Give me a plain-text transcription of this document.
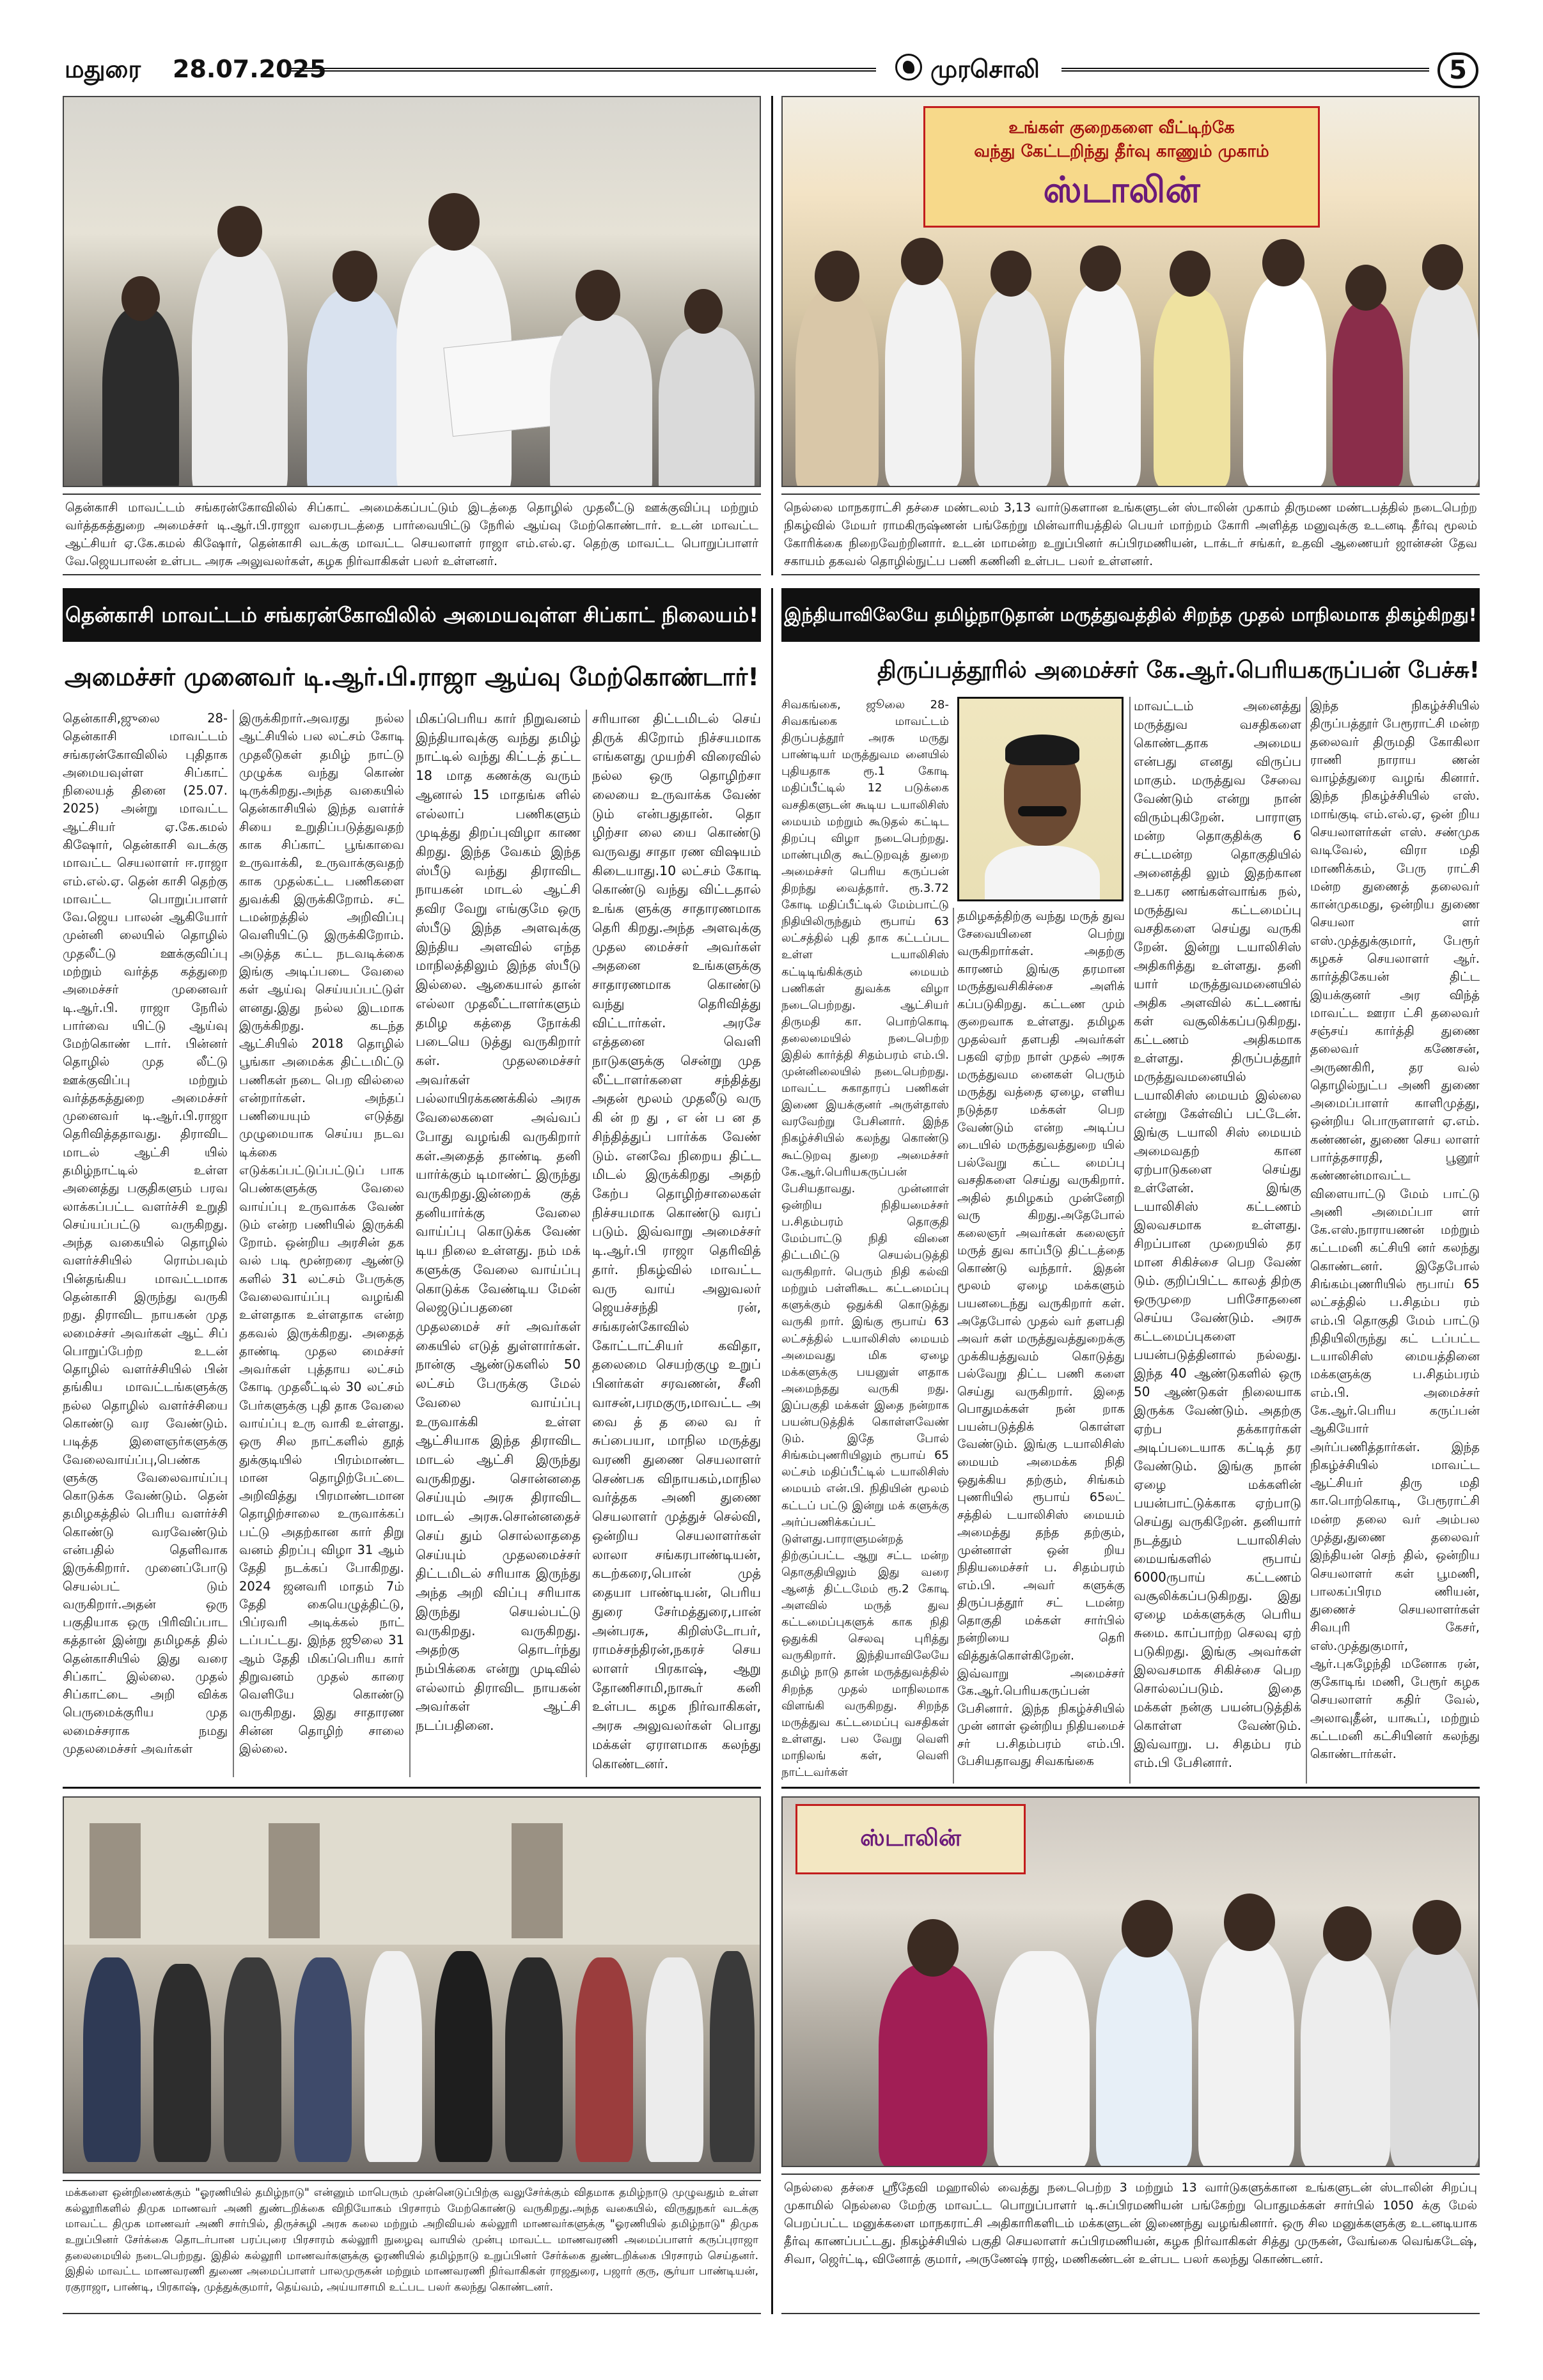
மதுரை 28.07.2025	முரசொலி	5
தென்காசி மாவட்டம் சங்கரன்கோவிலில் சிப்காட் அமைக்கப்பட்டும் இடத்தை தொழில் முதலீட்டு ஊக்குவிப்பு மற்றும் வர்த்தகத்துறை அமைச்சர் டி.ஆர்.பி.ராஜா வரைபடத்தை பார்வையிட்டு நேரில் ஆய்வு மேற்கொண்டார். உடன் மாவட்ட ஆட்சியர் ஏ.கே.கமல் கிஷோர், தென்காசி வடக்கு மாவட்ட செயலாளர் ராஜா எம்.எல்.ஏ. தெற்கு மாவட்ட பொறுப்பாளர் வே.ஜெயபாலன் உள்பட அரசு அலுவலர்கள், கழக நிர்வாகிகள் பலர் உள்ளனர்.
உங்கள் குறைகளை வீட்டிற்கே
வந்து கேட்டறிந்து தீர்வு காணும் முகாம்
ஸ்டாலின்
நெல்லை மாநகராட்சி தச்சை மண்டலம் 3,13 வார்டுகளான உங்களுடன் ஸ்டாலின் முகாம் திருமண மண்டபத்தில் நடைபெற்ற நிகழ்வில் மேயர் ராமகிருஷ்ணன் பங்கேற்று மின்வாரியத்தில் பெயர் மாற்றம் கோரி அளித்த மனுவுக்கு உடனடி தீர்வு மூலம் கோரிக்கை நிறைவேற்றினார். உடன் மாமன்ற உறுப்பினர் சுப்பிரமணியன், டாக்டர் சங்கர், உதவி ஆணையர் ஜான்சன் தேவ சகாயம் தகவல் தொழில்நுட்ப பணி கணினி உள்பட பலர் உள்ளனர்.
தென்காசி மாவட்டம் சங்கரன்கோவிலில் அமையவுள்ள சிப்காட் நிலையம்!
அமைச்சர் முனைவர் டி.ஆர்.பி.ராஜா ஆய்வு மேற்கொண்டார்!
தென்காசி,ஜுலை 28- தென்காசி மாவட்டம் சங்கரன்கோவிலில் புதிதாக அமையவுள்ள சிப்காட் நிலையத் தினை (25.07. 2025) அன்று மாவட்ட ஆட்சியர் ஏ.கே.கமல் கிஷோர், தென்காசி வடக்கு மாவட்ட செயலாளர் ஈ.ராஜா எம்.எல்.ஏ. தென் காசி தெற்கு மாவட்ட பொறுப்பாளர் வே.ஜெய பாலன் ஆகியோர் முன்னி லையில் தொழில் முதலீட்டு ஊக்குவிப்பு மற்றும் வர்த்த கத்துறை அமைச்சர் முனைவர் டி.ஆர்.பி. ராஜா நேரில் பார்வை யிட்டு ஆய்வு மேற்கொண் டார். பின்னர் தொழில் முத லீட்டு ஊக்குவிப்பு மற்றும் வர்த்தகத்துறை அமைச்சர் முனைவர் டி.ஆர்.பி.ராஜா தெரிவித்ததாவது. திராவிட மாடல் ஆட்சி யில் தமிழ்நாட்டில் உள்ள அனைத்து பகுதிகளும் பரவ லாக்கப்பட்ட வளர்ச்சி உறுதி செய்யப்பட்டு வருகிறது. அந்த வகையில் தொழில் வளர்ச்சியில் ரொம்பவும் பின்தங்கிய மாவட்டமாக தென்காசி இருந்து வருகி றது. திராவிட நாயகன் முத லமைச்சர் அவர்கள் ஆட் சிப் பொறுப்பேற்ற உடன் தொழில் வளர்ச்சியில் பின் தங்கிய மாவட்டங்களுக்கு நல்ல தொழில் வளர்ச்சியை கொண்டு வர வேண்டும். படித்த இளைஞர்களுக்கு வேலைவாய்ப்பு,பெண்க ளுக்கு வேலைவாய்ப்பு கொடுக்க வேண்டும். தென் தமிழகத்தில் பெரிய வளர்ச்சி கொண்டு வரவேண்டும் என்பதில் தெளிவாக இருக்கிறார். முனைப்போடு செயல்பட் டும் வருகிறார்.அதன் ஒரு பகுதியாக ஒரு பிரிவிப்பாட கத்தான் இன்று தமிழகத் தில் தென்காசியில் இது வரை சிப்காட் இல்லை. முதல் சிப்காட்டை அறி விக்க பெருமைக்குரிய முத லமைச்சராக நமது முதலமைச்சர் அவர்கள்
இருக்கிறார்.அவரது நல்ல ஆட்சியில் பல லட்சம் கோடி முதலீடுகள் தமிழ் நாட்டு முழுக்க வந்து கொண் டிருக்கிறது.அந்த வகையில் தென்காசியில் இந்த வளர்ச் சியை உறுதிப்படுத்துவதற் காக சிப்காட் பூங்காவை உருவாக்கி, உருவாக்குவதற் காக முதல்கட்ட பணிகளை துவக்கி இருக்கிறோம். சட் டமன்றத்தில் அறிவிப்பு வெளியிட்டு இருக்கிறோம். அடுத்த கட்ட நடவடிக்கை இங்கு அடிப்படை வேலை கள் ஆய்வு செய்யப்பட்டுள் ளனது.இது நல்ல இடமாக இருக்கிறது. கடந்த ஆட்சியில் 2018 தொழில் பூங்கா அமைக்க திட்டமிட்டு பணிகள் நடை பெற வில்லை என்றார்கள். அந்தப் பணியையும் எடுத்து முழுமையாக செய்ய நடவ டிக்கை எடுக்கப்பட்டுப்பட்டுப் பாக பெண்களுக்கு வேலை வாய்ப்பு உருவாக்க வேண் டும் என்ற பணியில் இருக்கி றோம். ஒன்றிய அரசின் தக வல் படி மூன்றரை ஆண்டு களில் 31 லட்சம் பேருக்கு வேலைவாய்ப்பு வழங்கி உள்ளதாக உள்ளதாக என்ற தகவல் இருக்கிறது. அதைத் தாண்டி முதல மைச்சர் அவர்கள் புத்தாய லட்சம் கோடி முதலீட்டில் 30 லட்சம் பேர்களுக்கு புதி தாக வேலை வாய்ப்பு உரு வாகி உள்ளது. ஒரு சில நாட்களில் தூத் துக்குடியில் பிரம்மாண்ட மான தொழிற்பேட்டை அறிவித்து பிரமாண்டமான தொழிற்சாலை உருவாக்கப் பட்டு அதற்கான கார் திறு வனம் திறப்பு விழா 31 ஆம் தேதி நடக்கப் போகிறது. 2024 ஜனவரி மாதம் 7ம் தேதி கையெழுத்திட்டு, பிப்ரவரி அடிக்கல் நாட் டப்பட்டது. இந்த ஜூலை 31 ஆம் தேதி மிகப்பெரிய கார் திறுவனம் முதல் காரை வெளியே கொண்டு வருகிறது. இது சாதாரண சின்ன தொழிற் சாலை இல்லை.
மிகப்பெரிய கார் நிறுவனம் இந்தியாவுக்கு வந்து தமிழ் நாட்டில் வந்து கிட்டத் தட்ட 18 மாத கணக்கு வரும் ஆனால் 15 மாதங்க ளில் எல்லாப் பணிகளும் முடித்து திறப்புவிழா காண கிறது. இந்த வேகம் இந்த ஸ்பீடு வந்து திராவிட நாயகன் மாடல் ஆட்சி தவிர வேறு எங்குமே ஒரு ஸ்பீடு இந்த அளவுக்கு இந்திய அளவில் எந்த மாநிலத்திலும் இந்த ஸ்பீடு இல்லை. ஆகையால் தான் எல்லா முதலீட்டாளர்களும் தமிழ கத்தை நோக்கி படையெ டுத்து வருகிறார் கள். முதலமைச்சர் அவர்கள் பல்லாயிரக்கணக்கில் அரசு வேலைகளை அவ்வப் போது வழங்கி வருகிறார் கள்.அதைத் தாண்டி தனி யார்க்கும் டிமாண்ட் இருந்து வருகிறது.இன்றைக் குத் தனியார்க்கு வேலை வாய்ப்பு கொடுக்க வேண் டிய நிலை உள்ளது. நம் மக் களுக்கு வேலை வாய்ப்பு கொடுக்க வேண்டிய மேன் லெஜடுப்பதனை முதலமைச் சர் அவர்கள் கையில் எடுத் துள்ளார்கள். நான்கு ஆண்டுகளில் 50 லட்சம் பேருக்கு மேல் வேலை வாய்ப்பு உருவாக்கி உள்ள ஆட்சியாக இந்த திராவிட மாடல் ஆட்சி இருந்து வருகிறது. சொன்னதை செய்யும் அரசு திராவிட மாடல் அரசு.சொன்னதைச் செய் தும் சொல்லாததை செய்யும் முதலமைச்சர் திட்டமிடல் சரியாக இருந்து அந்த அறி விப்பு சரியாக இருந்து செயல்பட்டு வருகிறது. வருகிறது. அதற்கு தொடர்ந்து நம்பிக்கை என்று முடிவில் எல்லாம் திராவிட நாயகன் அவர்கள் ஆட்சி நடப்பதினை.
சரியான திட்டமிடல் செய் திருக் கிறோம் நிச்சயமாக எங்களது முயற்சி விரைவில் நல்ல ஒரு தொழிற்சா லையை உருவாக்க வேண் டும் என்பதுதான். தொ ழிற்சா லை யை கொண்டு வருவது சாதா ரண விஷயம் கிடையாது.10 லட்சம் கோடி கொண்டு வந்து விட்டதால் உங்க ளுக்கு சாதாரணமாக தெரி கிறது.அந்த அளவுக்கு முதல மைச்சர் அவர்கள் அதனை உங்களுக்கு சாதாரணமாக கொண்டு வந்து தெரிவித்து விட்டார்கள். அரசே எத்தனை வெளி நாடுகளுக்கு சென்று முத லீட்டாளர்களை சந்தித்து அதன் மூலம் முதலீடு வரு கி ன் ற து , எ ன் ப ன த சிந்தித்துப் பார்க்க வேண் டும். எனவே நிறைய திட்ட மிடல் இருக்கிறது அதற் கேற்ப தொழிற்சாலைகள் நிச்சயமாக கொண்டு வரப் படும். இவ்வாறு அமைச்சர் டி.ஆர்.பி ராஜா தெரிவித் தார். நிகழ்வில் மாவட்ட வரு வாய் அலுவலர் ஜெயச்சந்தி ரன், சங்கரன்கோவில் கோட்டாட்சியர் கவிதா, தலைமை செயற்குழு உறுப் பினர்கள் சரவணன், சீனி வாசன்,பரமகுரு,மாவட்ட அ வை த் த லை வ ர் சுப்பையா, மாநில மருத்து வரணி துணை செயலாளர் செண்பக விநாயகம்,மாநில வர்த்தக அணி துணை செயலாளர் முத்துச் செல்வி, ஒன்றிய செயலாளர்கள் லாலா சங்கரபாண்டியன், கடற்கரை,பொன் முத் தையா பாண்டியன், பெரிய துரை சேர்மத்துரை,பான் அன்பரசு, கிறிஸ்டோபர், ராமச்சந்திரன்,நகரச் செய லாளர் பிரகாஷ், ஆறு தோணிசாமி,நாகூர் கனி உள்பட கழக நிர்வாகிகள், அரசு அலுவலர்கள் பொது மக்கள் ஏராளமாக கலந்து கொண்டனர்.
இந்தியாவிலேயே தமிழ்நாடுதான் மருத்துவத்தில் சிறந்த முதல் மாநிலமாக திகழ்கிறது!
திருப்பத்தூரில் அமைச்சர் கே.ஆர்.பெரியகருப்பன் பேச்சு!
சிவகங்கை, ஜூலை 28-சிவகங்கை மாவட்டம் திருப்பத்தூர் அரசு மருது பாண்டியர் மருத்துவம னையில் புதியதாக ரூ.1 கோடி மதிப்பீட்டில் 12 படுக்கை வசதிகளுடன் கூடிய டயாலிசிஸ் மையம் மற்றும் கூடுதல் கட்டிட திறப்பு விழா நடைபெற்றது. மாண்புமிகு கூட்டுறவுத் துறை அமைச்சர் பெரிய கருப்பன் திறந்து வைத்தார். ரூ.3.72 கோடி மதிப்பீட்டில் மேம்பாட்டு நிதியிலிருந்தும் ரூபாய் 63 லட்சத்தில் புதி தாக கட்டப்பட உள்ள டயாலிசிஸ் கட்டிடிங்கிக்கும் மையம் பணிகள் துவக்க விழா நடைபெற்றது. ஆட்சியர் திருமதி கா. பொற்கொடி தலைமையில் நடைபெற்ற இதில் கார்த்தி சிதம்பரம் எம்.பி. முன்னிலையில் நடைபெற்றது. மாவட்ட சுகாதாரப் பணிகள் இணை இயக்குனர் அருள்தாஸ் வரவேற்று பேசினார். இந்த நிகழ்ச்சியில் கலந்து கொண்டு கூட்டுறவு துறை அமைச்சர் கே.ஆர்.பெரியகருப்பன் பேசியதாவது. முன்னாள் ஒன்றிய நிதியமைச்சர் ப.சிதம்பரம் தொகுதி மேம்பாட்டு நிதி வினை திட்டமிட்டு செயல்படுத்தி வருகிறார். பெரும் நிதி கல்வி மற்றும் பள்ளிகூட கட்டமைப்பு களுக்கும் ஒதுக்கி கொடுத்து வருகி றார். இங்கு ரூபாய் 63 லட்சத்தில் டயாலிசிஸ் மையம் அமைவது மிக ஏழை மக்களுக்கு பயனுள் ளதாக அமைந்தது வருகி றது. இப்பகுதி மக்கள் இதை நன்றாக பயன்படுத்திக் கொள்ளவேண் டும். இதே போல் சிங்கம்புணரியிலும் ரூபாய் 65 லட்சம் மதிப்பீட்டில் டயாலிசிஸ் மையம் என்.பி. நிதியின் மூலம் கட்டப் பட்டு இன்று மக் களுக்கு அர்ப்பணிக்கப்பட் டுள்ளது.பாராளுமன்றத் திற்குப்பட்ட ஆறு சட்ட மன்ற தொகுதியிலும் இது வரை ஆனத் திட்டமேம் ரூ.2 கோடி அளவில் மருத் துவ கட்டமைப்புகளுக் காக நிதி ஒதுக்கி செலவு புரித்து வருகிறார். இந்தியாவிலேயே தமிழ் நாடு தான் மருத்துவத்தில் சிறந்த முதல் மாநிலமாக விளங்கி வருகிறது. சிறந்த மருத்துவ கட்டமைப்பு வசதிகள் உள்ளது. பல வேறு வெளி மாநிலங் கள், வெளி நாட்டவர்கள்
தமிழகத்திற்கு வந்து மருத் துவ சேவையினை பெற்று வருகிறார்கள். அதற்கு காரணம் இங்கு தரமான மருத்துவசிகிச்சை அளிக் கப்படுகிறது. கட்டண மும் குறைவாக உள்ளது. தமிழக முதல்வர் தளபதி அவர்கள் பதவி ஏற்ற நாள் முதல் அரசு மருத்துவம னைகள் பெரும் மருத்து வத்தை ஏழை, எளிய நடுத்தர மக்கள் பெற வேண்டும் என்ற அடிப்ப டையில் மருத்துவத்துறை யில் பல்வேறு கட்ட மைப்பு வசதிகளை செய்து வருகிறார். அதில் தமிழகம் முன்னேறி வரு கிறது.அதேபோல் கலைஞர் அவர்கள் கலைஞர் மருத் துவ காப்பீடு திட்டத்தை கொண்டு வந்தார். இதன் மூலம் ஏழை மக்களும் பயனடைந்து வருகிறார் கள். அதேபோல் முதல் வர் தளபதி அவர் கள் மருத்துவத்துறைக்கு முக்கியத்துவம் கொடுத்து பல்வேறு திட்ட பணி களை செய்து வருகிறார். இதை பொதுமக்கள் நன் றாக பயன்படுத்திக் கொள்ள வேண்டும். இங்கு டயாலிசிஸ் மையம் அமைக்க நிதி ஒதுக்கிய தற்கும், சிங்கம் புணரியில் ரூபாய் 65லட் சத்தில் டயாலிசிஸ் மையம் அமைத்து தந்த தற்கும், முன்னாள் ஒன் றிய நிதியமைச்சர் ப. சிதம்பரம் எம்.பி. அவர் களுக்கு திருப்பத்தூர் சட் டமன்ற தொகுதி மக்கள் சார்பில் நன்றியை தெரி வித்துக்கொள்கிறேன். இவ்வாறு அமைச்சர் கே.ஆர்.பெரியகருப்பன் பேசினார். இந்த நிகழ்ச்சியில் முன் னாள் ஒன்றிய நிதியமைச் சர் ப.சிதம்பரம் எம்.பி. பேசியதாவது சிவகங்கை
மாவட்டம் அனைத்து மருத்துவ வசதிகளை கொண்டதாக அமைய என்பது எனது விருப்ப மாகும். மருத்துவ சேவை வேண்டும் என்று நான் விரும்புகிறேன். பாராளு மன்ற தொகுதிக்கு 6 சட்டமன்ற தொகுதியில் அனைத்தி லும் இதற்கான உபகர ணங்கள்வாங்க நல், மருத்துவ கட்டமைப்பு வசதிகளை செய்து வருகி றேன். இன்று டயாலிசிஸ் அதிகரித்து உள்ளது. தனி யார் மருத்துவமனையில் அதிக அளவில் கட்டணங் கள் வசூலிக்கப்படுகிறது. கட்டணம் அதிகமாக உள்ளது. திருப்பத்தூர் மருத்துவமனையில் டயாலிசிஸ் மையம் இல்லை என்று கேள்விப் பட்டேன். இங்கு டயாலி சிஸ் மையம் அமைவதற் கான ஏற்பாடுகளை செய்து உள்ளேன். இங்கு டயாலிசிஸ் கட்டணம் இலவசமாக உள்ளது. சிறப்பான முறையில் தர மான சிகிச்சை பெற வேண் டும். குறிப்பிட்ட காலத் திற்கு ஒருமுறை பரிசோதனை செய்ய வேண்டும். அரசு கட்டமைப்புகளை பயன்படுத்தினால் நல்லது. இந்த 40 ஆண்டுகளில் ஒரு 50 ஆண்டுகள் நிலையாக இருக்க வேண்டும். அதற்கு ஏற்ப தக்காரர்கள் அடிப்படையாக கட்டித் தர வேண்டும். இங்கு நான் ஏழை மக்களின் பயன்பாட்டுக்காக ஏற்பாடு செய்து வருகிறேன். தனியார் நடத்தும் டயாலிசிஸ் மையங்களில் ரூபாய் 6000ருபாய் கட்டணம் வசூலிக்கப்படுகிறது. இது ஏழை மக்களுக்கு பெரிய சுமை. காப்பாற்ற செலவு ஏற் படுகிறது. இங்கு அவர்கள் இலவசமாக சிகிச்சை பெற சொல்லப்படும். இதை மக்கள் நன்கு பயன்படுத்திக் கொள்ள வேண்டும். இவ்வாறு. ப. சிதம்ப ரம் எம்.பி பேசினார்.
இந்த நிகழ்ச்சியில் திருப்பத்தூர் பேரூராட்சி மன்ற தலைவர் திருமதி கோகிலா ராணி நாராய ணன் வாழ்த்துரை வழங் கினார். இந்த நிகழ்ச்சியில் எஸ். மாங்குடி எம்.எல்.ஏ, ஒன் றிய செயலாளர்கள் எஸ். சண்முக வடிவேல், விரா மதி மாணிக்கம், பேரு ராட்சி மன்ற துணைத் தலைவர் கான்முகமது, ஒன்றிய துணை செயலா ளர் எஸ்.முத்துக்குமார், பேரூர் கழகச் செயலாளர் ஆர். கார்த்திகேயன் திட்ட இயக்குனர் அர விந்த் மாவட்ட ஊரா ட்சி தலைவர் சஞ்சய் கார்த்தி துணை தலைவர் கணேசன், அருணகிரி, தர வல் தொழில்நுட்ப அணி துணை அமைப்பாளர் காளிமுத்து, ஒன்றிய பொருளாளர் ஏ.எம். கண்ணன், துணை செய லாளர் பார்த்தசாரதி, பூனூர் கண்ணன்மாவட்ட விளையாட்டு மேம் பாட்டு அணி அமைப்பா ளர் கே.எஸ்.நாராயணன் மற்றும் கட்டமனி கட்சியி னர் கலந்து கொண்டனர். இதேபோல் சிங்கம்புணரியில் ரூபாய் 65 லட்சத்தில் ப.சிதம்ப ரம் எம்.பி தொகுதி மேம் பாட்டு நிதியிலிருந்து கட் டப்பட்ட டயாலிசிஸ் மையத்தினை மக்களுக்கு ப.சிதம்பரம் எம்.பி. அமைச்சர் கே.ஆர்.பெரிய கருப்பன் ஆகியோர் அர்ப்பணித்தார்கள். இந்த நிகழ்ச்சியில் மாவட்ட ஆட்சியர் திரு மதி கா.பொற்கொடி, பேரூராட்சி மன்ற தலை வர் அம்பல முத்து,துணை தலைவர் இந்தியன் செந் தில், ஒன்றிய செயலாளர் கள் பூமணி, பாலகப்பிரம ணியன், துணைச் செயலாளர்கள் சிவபுரி கேசர், எஸ்.முத்துகுமார், ஆர்.புகழேந்தி மனோக ரன், குகோடிங் மணி, பேரூர் கழக செயலாளர் கதிர் வேல், அலாவுதீன், யாகூப், மற்றும் கட்டமனி கட்சியினர் கலந்து கொண்டார்கள்.
மக்களை ஒன்றிணைக்கும் "ஓரணியில் தமிழ்நாடு" என்னும் மாபெரும் முன்னெடுப்பிற்கு வலுசேர்க்கும் விதமாக தமிழ்நாடு முழுவதும் உள்ள கல்லூரிகளில் திமுக மாணவர் அணி துண்டறிக்கை விநியோகம் பிரசாரம் மேற்கொண்டு வருகிறது.அந்த வகையில், விருதுநகர் வடக்கு மாவட்ட திமுக மாணவர் அணி சார்பில், திருச்சுழி அரசு கலை மற்றும் அறிவியல் கல்லூரி மாணவர்களுக்கு "ஓரணியில் தமிழ்நாடு" திமுக உறுப்பினர் சேர்க்கை தொடர்பான பரப்புரை பிரசாரம் கல்லூரி நுழைவு வாயில் முன்பு மாவட்ட மாணவரணி அமைப்பாளர் கருப்புராஜா தலைமையில் நடைபெற்றது. இதில் கல்லூரி மாணவர்களுக்கு ஓரணியில் தமிழ்நாடு உறுப்பினர் சேர்க்கை துண்டறிக்கை பிரசாரம் செய்தனர். இதில் மாவட்ட மாணவரணி துணை அமைப்பாளர் பாலமுருகன் மற்றும் மாணவரணி நிர்வாகிகள் ராஜதுரை, பஜார் குரு, சூர்யா பாண்டியன், ரகுராஜா, பாண்டி, பிரகாஷ், முத்துக்குமார், தெய்வம், அய்யாசாமி உட்பட பலர் கலந்து கொண்டனர்.
ஸ்டாலின்
நெல்லை தச்சை ஸ்ரீதேவி மஹாலில் வைத்து நடைபெற்ற 3 மற்றும் 13 வார்டுகளுக்கான உங்களுடன் ஸ்டாலின் சிறப்பு முகாமில் நெல்லை மேற்கு மாவட்ட பொறுப்பாளர் டி.சுப்பிரமணியன் பங்கேற்று பொதுமக்கள் சார்பில் 1050 க்கு மேல் பெறப்பட்ட மனுக்களை மாநகராட்சி அதிகாரிகளிடம் மக்களுடன் இணைந்து வழங்கினார். ஒரு சில மனுக்களுக்கு உடனடியாக தீர்வு காணப்பட்டது. நிகழ்ச்சியில் பகுதி செயலாளர் சுப்பிரமணியன், கழக நிர்வாகிகள் சித்து முருகன், வேங்கை வெங்கடேஷ், சிவா, ஜெர்ட்டி, வினோத் குமார், அருணேஷ் ராஜ், மணிகண்டன் உள்பட பலர் கலந்து கொண்டனர்.
